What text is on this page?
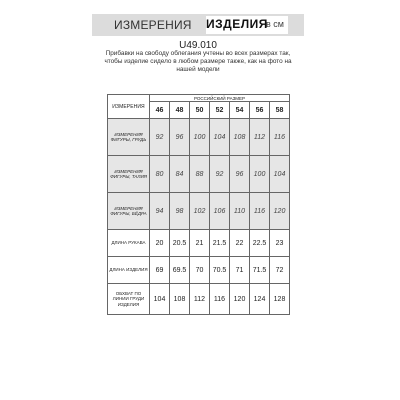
ИЗМЕРЕНИЯ ИЗДЕЛИЯ
в см
U49.010
Прибавки на свободу облегания учтены во всех размерах так, чтобы изделие сидело в любом размере также, как на фото на нашей модели
ИЗМЕРЕНИЯ	РОССИЙСКИЙ РАЗМЕР						
	46	48	50	52	54	56	58
ИЗМЕРЕНИЯ ФИГУРЫ, ГРУДЬ	92	96	100	104	108	112	116
ИЗМЕРЕНИЯ ФИГУРЫ, ТАЛИЯ	80	84	88	92	96	100	104
ИЗМЕРЕНИЯ ФИГУРЫ, БЁДРА	94	98	102	106	110	116	120
ДЛИНА РУКАВА	20	20.5	21	21.5	22	22.5	23
ДЛИНА ИЗДЕЛИЯ	69	69.5	70	70.5	71	71.5	72
ОБХВАТ ПО ЛИНИИ ГРУДИ ИЗДЕЛИЯ	104	108	112	116	120	124	128
